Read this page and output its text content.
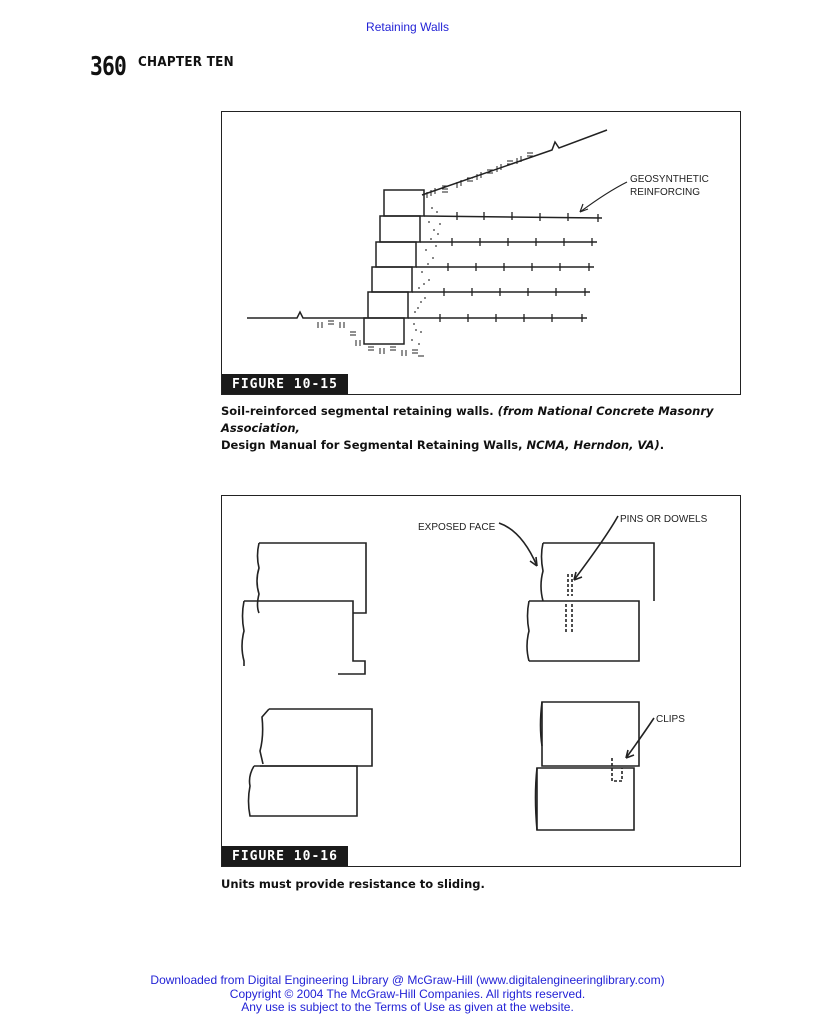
Retaining Walls
360 CHAPTER TEN
GEOSYNTHETIC
REINFORCING
FIGURE 10-15
Soil-reinforced segmental retaining walls. (from National Concrete Masonry Association,
Design Manual for Segmental Retaining Walls, NCMA, Herndon, VA).
EXPOSED FACE
PINS OR DOWELS
CLIPS
FIGURE 10-16
Units must provide resistance to sliding.
Downloaded from Digital Engineering Library @ McGraw-Hill (www.digitalengineeringlibrary.com)
Copyright © 2004 The McGraw-Hill Companies. All rights reserved.
Any use is subject to the Terms of Use as given at the website.
